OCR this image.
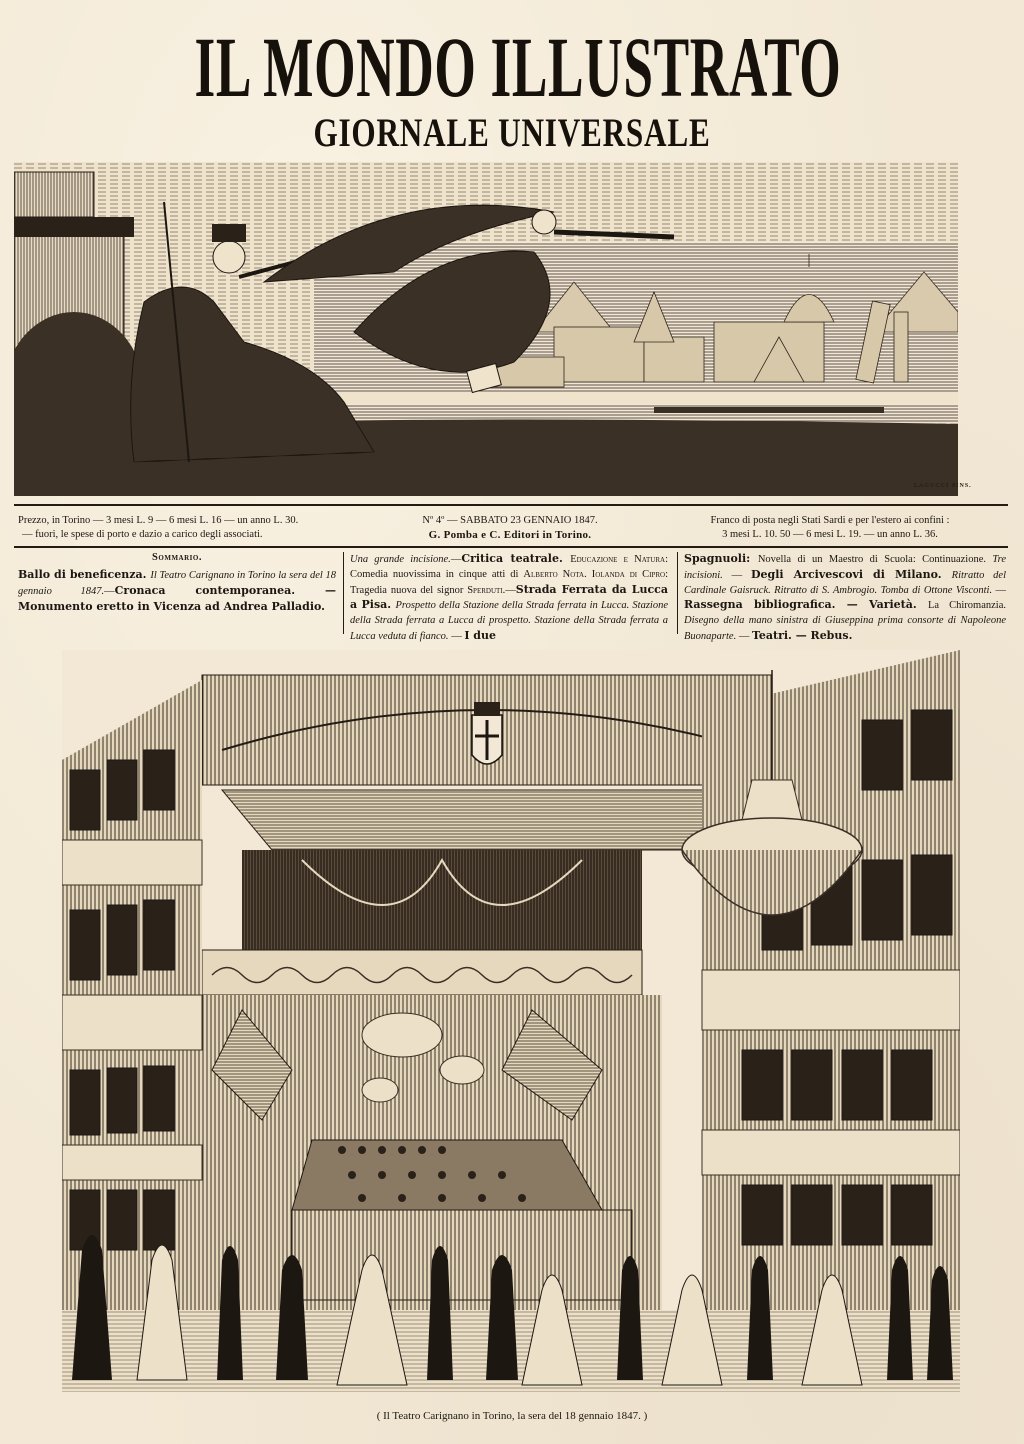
IL MONDO ILLUSTRATO
GIORNALE UNIVERSALE
LAGUCCI SINS.
Prezzo, in Torino — 3 mesi L. 9 — 6 mesi L. 16 — un anno L. 30.
— fuori, le spese di porto e dazio a carico degli associati.
Nº 4º — SABBATO 23 GENNAIO 1847.
G. Pomba e C. Editori in Torino.
Franco di posta negli Stati Sardi e per l'estero ai confini :
3 mesi L. 10. 50 — 6 mesi L. 19. — un anno L. 36.
Sommario.
Ballo di beneficenza. Il Teatro Carignano in Torino la sera del 18 gennaio 1847.—Cronaca contemporanea. — Monumento eretto in Vicenza ad Andrea Palladio.
Una grande incisione.—Critica teatrale. Educazione e Natura: Comedia nuovissima in cinque atti di Alberto Nota. Iolanda di Cipro: Tragedia nuova del signor Sperduti.—Strada Ferrata da Lucca a Pisa. Prospetto della Stazione della Strada ferrata in Lucca. Stazione della Strada ferrata a Lucca di prospetto. Stazione della Strada ferrata a Lucca veduta di fianco. — I due
Spagnuoli: Novella di un Maestro di Scuola: Continuazione. Tre incisioni. — Degli Arcivescovi di Milano. Ritratto del Cardinale Gaisruck. Ritratto di S. Ambrogio. Tomba di Ottone Visconti. — Rassegna bibliografica. — Varietà. La Chiromanzia. Disegno della mano sinistra di Giuseppina prima consorte di Napoleone Buonaparte. — Teatri. — Rebus.
( Il Teatro Carignano in Torino, la sera del 18 gennaio 1847. )
